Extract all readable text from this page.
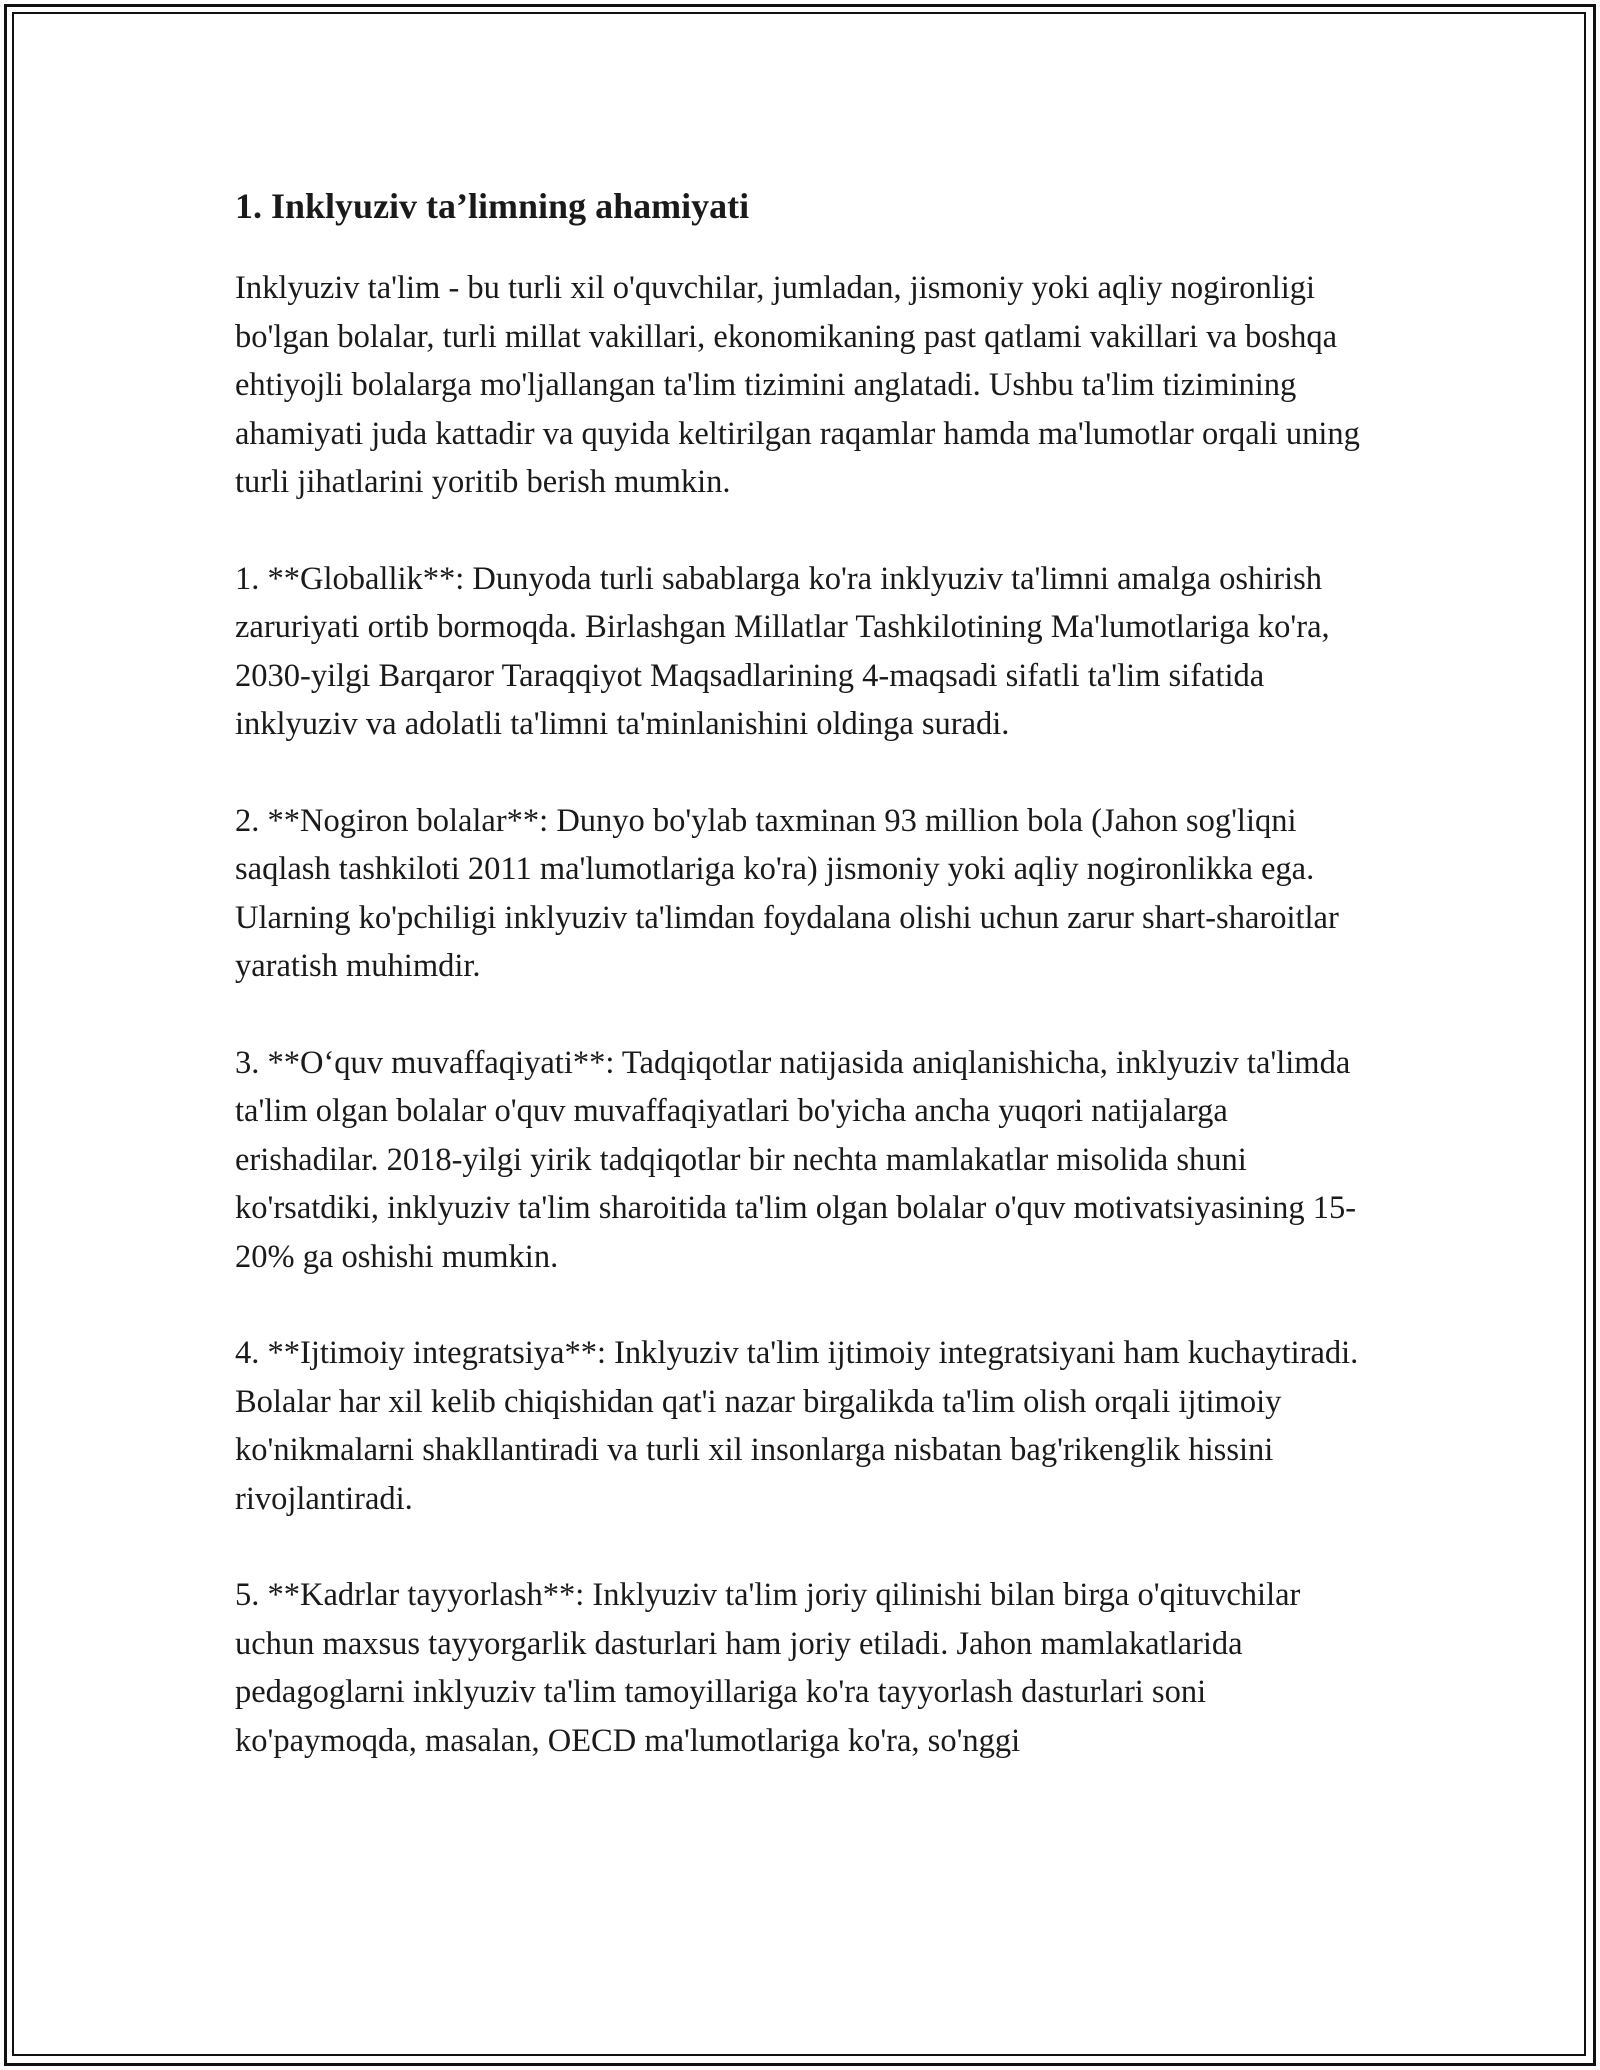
1. Inklyuziv ta’limning ahamiyati

Inklyuziv ta'lim - bu turli xil o'quvchilar, jumladan, jismoniy yoki aqliy nogironligi bo'lgan bolalar, turli millat vakillari, ekonomikaning past qatlami vakillari va boshqa ehtiyojli bolalarga mo'ljallangan ta'lim tizimini anglatadi. Ushbu ta'lim tizimining ahamiyati juda kattadir va quyida keltirilgan raqamlar hamda ma'lumotlar orqali uning turli jihatlarini yoritib berish mumkin.

1. **Globallik**: Dunyoda turli sabablarga ko'ra inklyuziv ta'limni amalga oshirish zaruriyati ortib bormoqda. Birlashgan Millatlar Tashkilotining Ma'lumotlariga ko'ra, 2030-yilgi Barqaror Taraqqiyot Maqsadlarining 4-maqsadi sifatli ta'lim sifatida inklyuziv va adolatli ta'limni ta'minlanishini oldinga suradi.

2. **Nogiron bolalar**: Dunyo bo'ylab taxminan 93 million bola (Jahon sog'liqni saqlash tashkiloti 2011 ma'lumotlariga ko'ra) jismoniy yoki aqliy nogironlikka ega. Ularning ko'pchiligi inklyuziv ta'limdan foydalana olishi uchun zarur shart-sharoitlar yaratish muhimdir.

3. **O‘quv muvaffaqiyati**: Tadqiqotlar natijasida aniqlanishicha, inklyuziv ta'limda ta'lim olgan bolalar o'quv muvaffaqiyatlari bo'yicha ancha yuqori natijalarga erishadilar. 2018-yilgi yirik tadqiqotlar bir nechta mamlakatlar misolida shuni ko'rsatdiki, inklyuziv ta'lim sharoitida ta'lim olgan bolalar o'quv motivatsiyasining 15-20% ga oshishi mumkin.

4. **Ijtimoiy integratsiya**: Inklyuziv ta'lim ijtimoiy integratsiyani ham kuchaytiradi. Bolalar har xil kelib chiqishidan qat'i nazar birgalikda ta'lim olish orqali ijtimoiy ko'nikmalarni shakllantiradi va turli xil insonlarga nisbatan bag'rikenglik hissini rivojlantiradi.

5. **Kadrlar tayyorlash**: Inklyuziv ta'lim joriy qilinishi bilan birga o'qituvchilar uchun maxsus tayyorgarlik dasturlari ham joriy etiladi. Jahon mamlakatlarida pedagoglarni inklyuziv ta'lim tamoyillariga ko'ra tayyorlash dasturlari soni ko'paymoqda, masalan, OECD ma'lumotlariga ko'ra, so'nggi
